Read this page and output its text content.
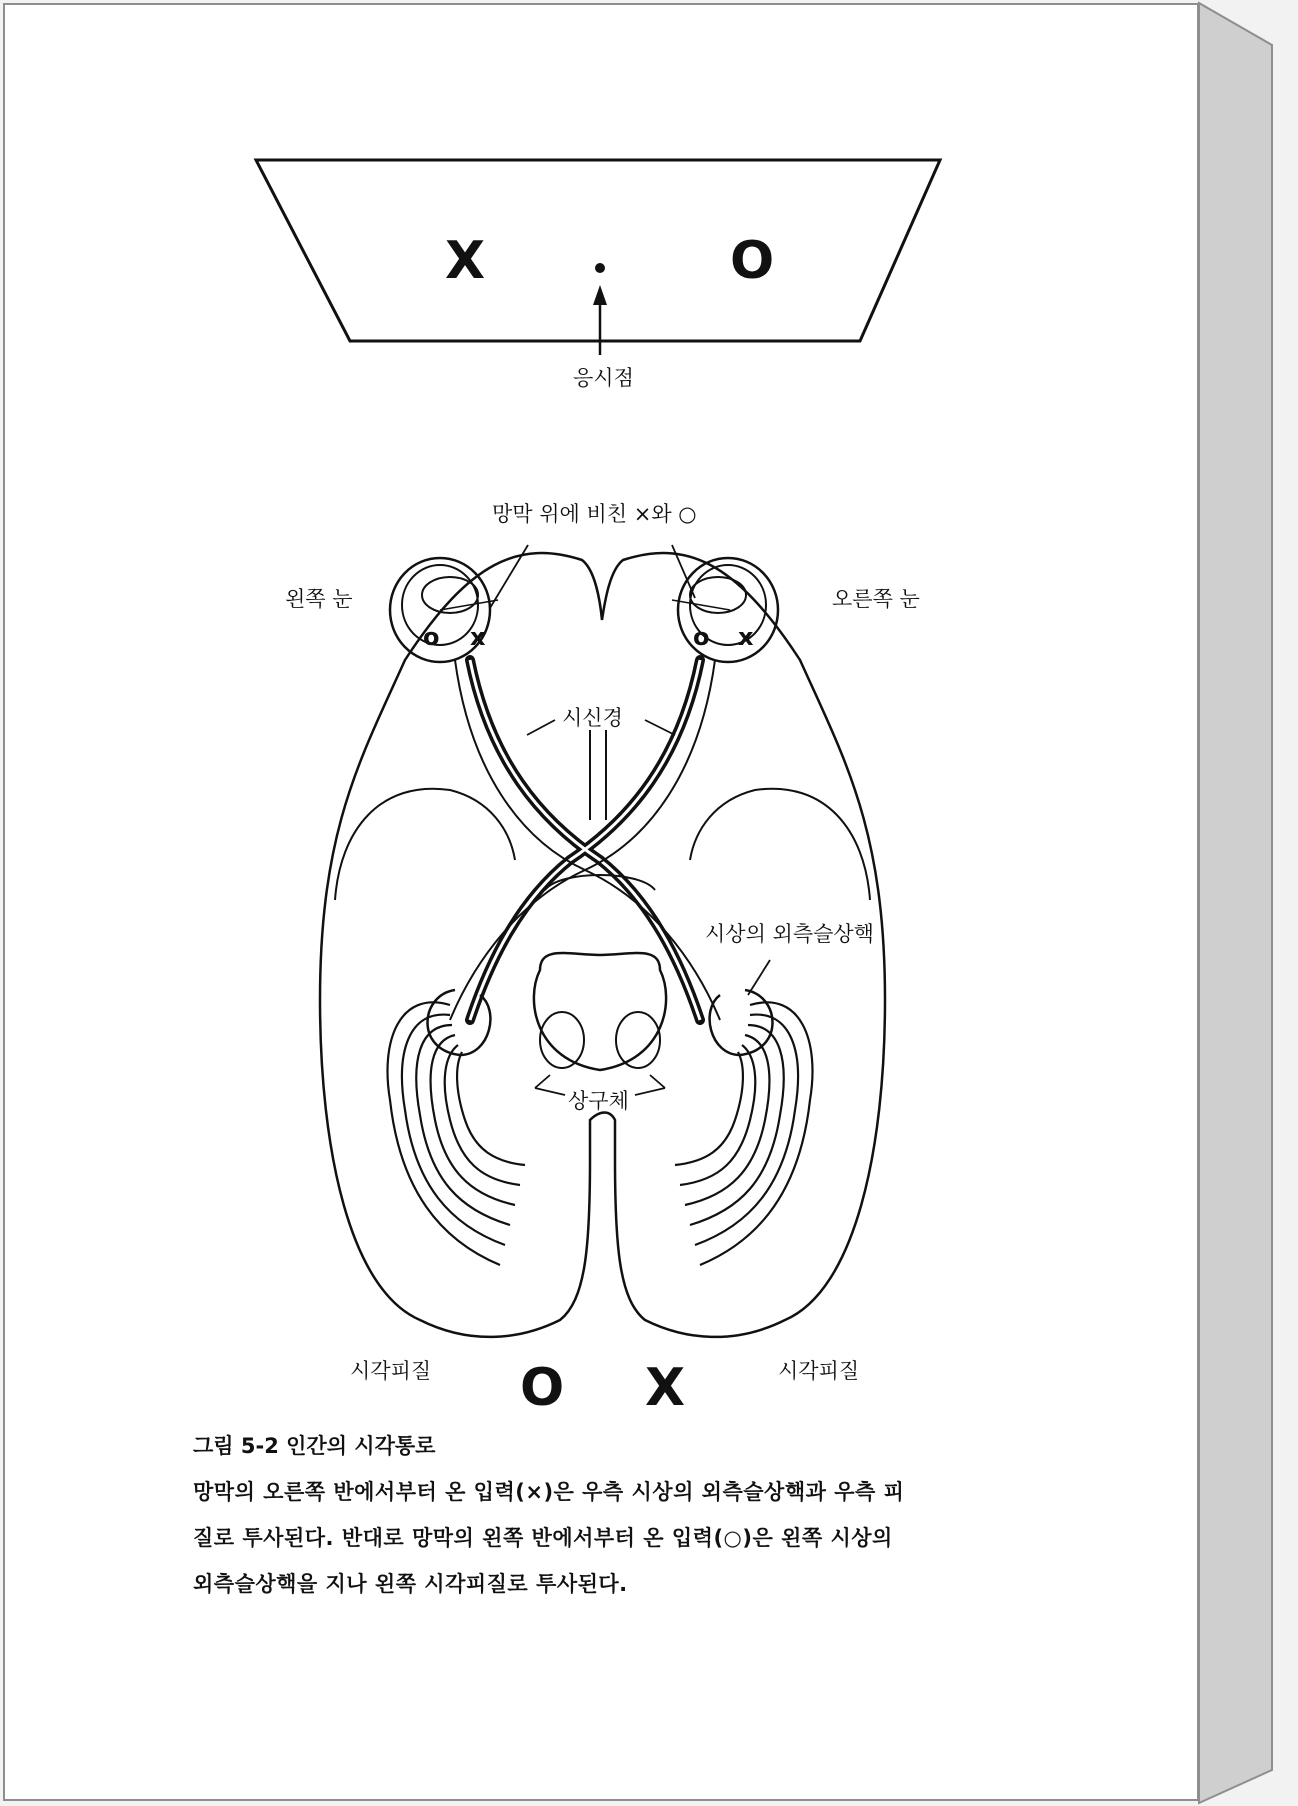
X	O
응시점
망막 위에 비친 ×와 ○
왼쪽 눈	오른쪽 눈
o x	o x
시신경
시상의 외측슬상핵
상구체
시각피질	시각피질
O X
그림 5-2 인간의 시각통로
망막의 오른쪽 반에서부터 온 입력(×)은 우측 시상의 외측슬상핵과 우측 피
질로 투사된다. 반대로 망막의 왼쪽 반에서부터 온 입력(○)은 왼쪽 시상의
외측슬상핵을 지나 왼쪽 시각피질로 투사된다.
